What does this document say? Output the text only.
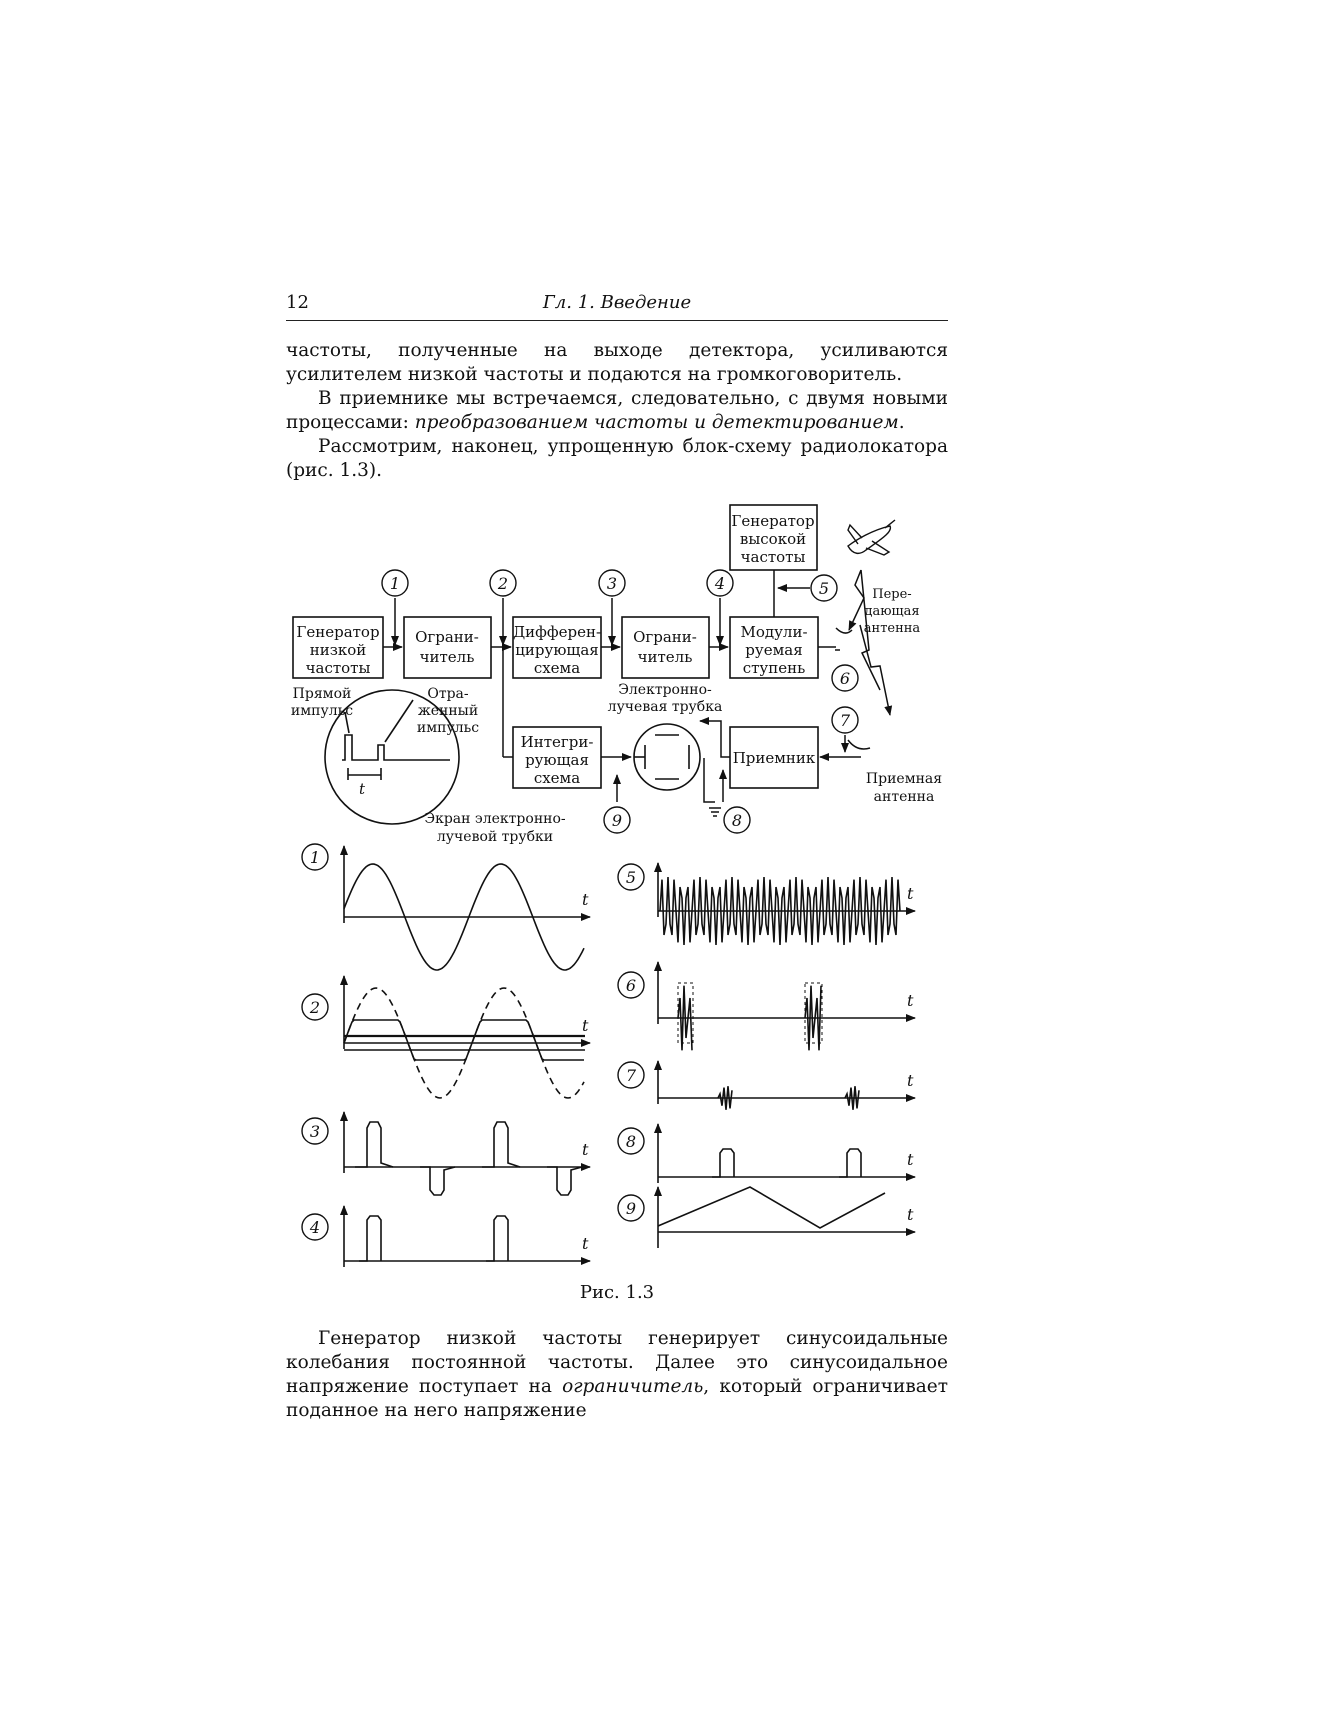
12	Гл. 1. Введение

частоты, полученные на выходе детектора, усиливаются усилителем низкой частоты и подаются на громкоговоритель.

В приемнике мы встречаемся, следовательно, с двумя новыми процессами: преобразованием частоты и детектированием.

Рассмотрим, наконец, упрощенную блок-схему радиолокатора (рис. 1.3).

Генератор
низкой
частоты
Ограни-
читель
Дифферен-
цирующая
схема
Ограни-
читель
Генератор
высокой
частоты
Модули-
руемая
ступень
Интегри-
рующая
схема
Приемник
Пере-
дающая
антенна
Приемная
антенна
Электронно-
лучевая трубка
Экран электронно-
лучевой трубки
Прямой
импульс
Отра-
женный
импульс
t
1	2	3	4	5
6
7
8
9
1
t
2
t
3
t
4
t
5
t
6
t
7	t
8
t
9	t
Рис. 1.3

Генератор низкой частоты генерирует синусоидальные колебания постоянной частоты. Далее это синусоидальное напряжение поступает на ограничитель, который ограничивает поданное на него напряжение
